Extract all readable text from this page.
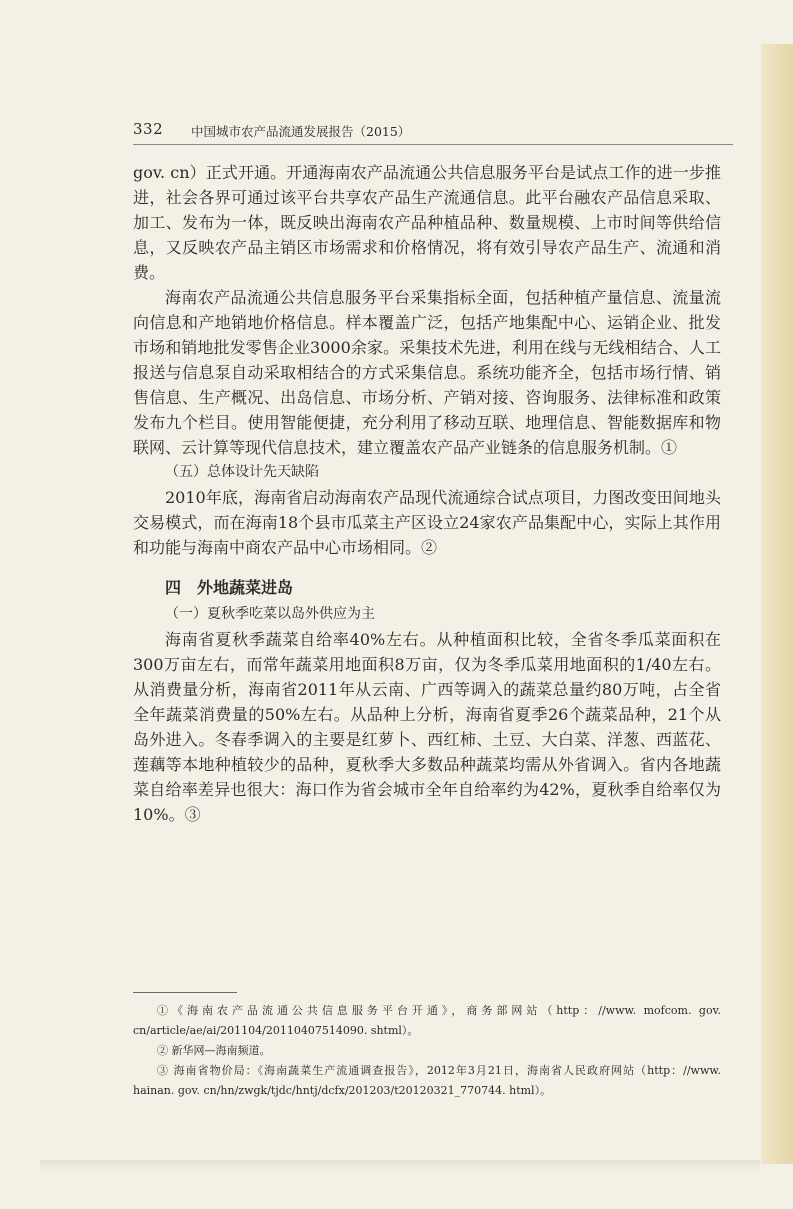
332 中国城市农产品流通发展报告（2015）

gov. cn）正式开通。开通海南农产品流通公共信息服务平台是试点工作的进一步推进，社会各界可通过该平台共享农产品生产流通信息。此平台融农产品信息采取、加工、发布为一体，既反映出海南农产品种植品种、数量规模、上市时间等供给信息，又反映农产品主销区市场需求和价格情况，将有效引导农产品生产、流通和消费。

海南农产品流通公共信息服务平台采集指标全面，包括种植产量信息、流量流向信息和产地销地价格信息。样本覆盖广泛，包括产地集配中心、运销企业、批发市场和销地批发零售企业3000余家。采集技术先进，利用在线与无线相结合、人工报送与信息泵自动采取相结合的方式采集信息。系统功能齐全，包括市场行情、销售信息、生产概况、出岛信息、市场分析、产销对接、咨询服务、法律标准和政策发布九个栏目。使用智能便捷，充分利用了移动互联、地理信息、智能数据库和物联网、云计算等现代信息技术，建立覆盖农产品产业链条的信息服务机制。①

（五）总体设计先天缺陷

2010年底，海南省启动海南农产品现代流通综合试点项目，力图改变田间地头交易模式，而在海南18个县市瓜菜主产区设立24家农产品集配中心，实际上其作用和功能与海南中商农产品中心市场相同。②

四　外地蔬菜进岛

（一）夏秋季吃菜以岛外供应为主

海南省夏秋季蔬菜自给率40%左右。从种植面积比较，全省冬季瓜菜面积在300万亩左右，而常年蔬菜用地面积8万亩，仅为冬季瓜菜用地面积的1/40左右。从消费量分析，海南省2011年从云南、广西等调入的蔬菜总量约80万吨，占全省全年蔬菜消费量的50%左右。从品种上分析，海南省夏季26个蔬菜品种，21个从岛外进入。冬春季调入的主要是红萝卜、西红柿、土豆、大白菜、洋葱、西蓝花、莲藕等本地种植较少的品种，夏秋季大多数品种蔬菜均需从外省调入。省内各地蔬菜自给率差异也很大：海口作为省会城市全年自给率约为42%，夏秋季自给率仅为10%。③

①《海南农产品流通公共信息服务平台开通》，商务部网站（http：//www. mofcom. gov. cn/article/ae/ai/201104/20110407514090. shtml）。

② 新华网—海南频道。

③ 海南省物价局：《海南蔬菜生产流通调查报告》，2012年3月21日，海南省人民政府网站（http：//www. hainan. gov. cn/hn/zwgk/tjdc/hntj/dcfx/201203/t20120321_770744. html）。
